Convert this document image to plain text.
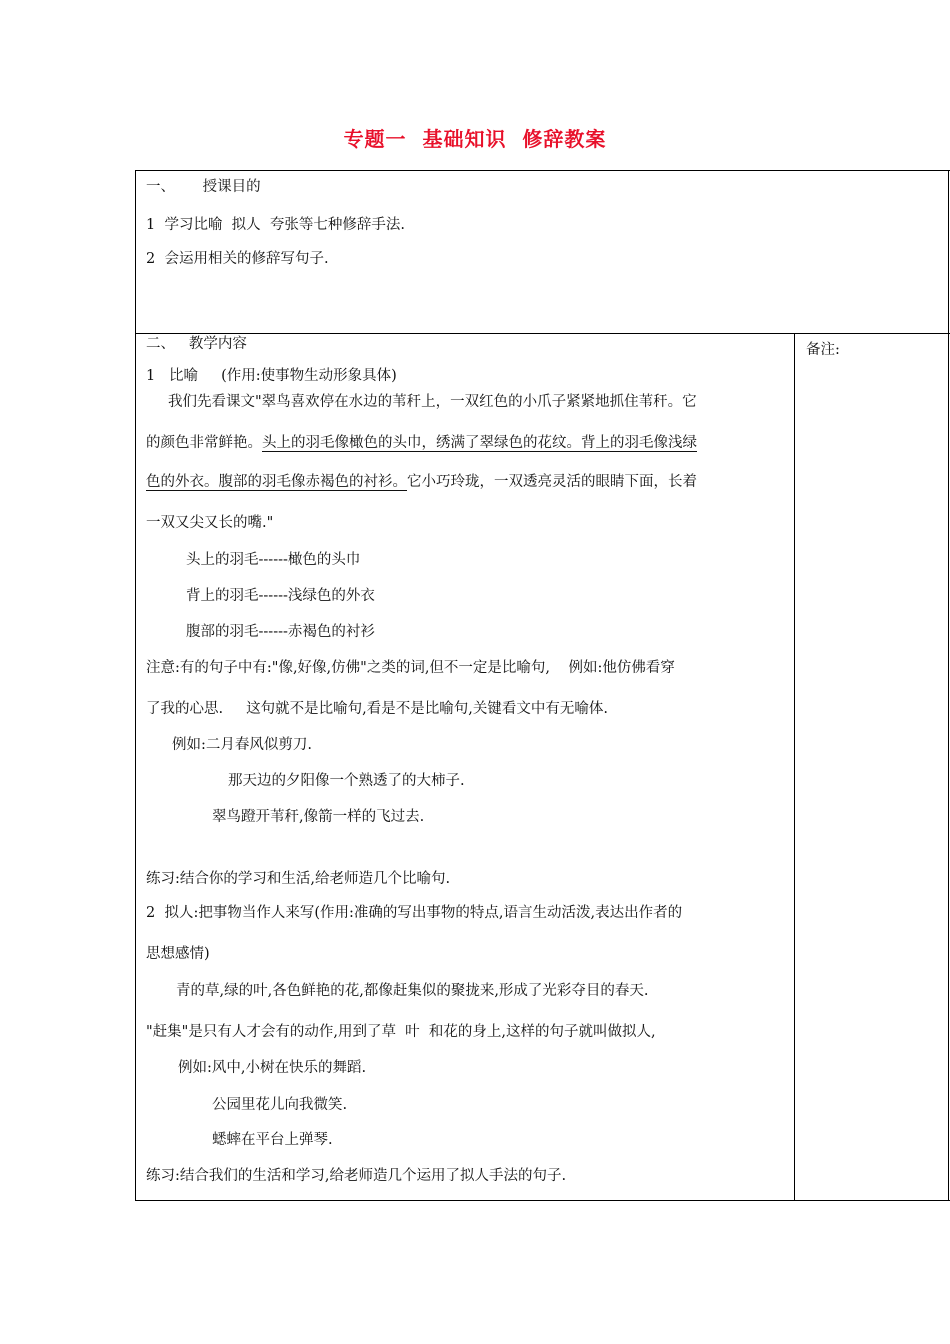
专题一  基础知识  修辞教案
一、      授课目的
1  学习比喻  拟人  夸张等七种修辞手法.
2  会运用相关的修辞写句子.
二、   教学内容	备注:
1   比喻     (作用:使事物生动形象具体)
我们先看课文"翠鸟喜欢停在水边的苇秆上，一双红色的小爪子紧紧地抓住苇秆。它
的颜色非常鲜艳。头上的羽毛像橄色的头巾，绣满了翠绿色的花纹。背上的羽毛像浅绿
色的外衣。腹部的羽毛像赤褐色的衬衫。它小巧玲珑，一双透亮灵活的眼睛下面，长着
一双又尖又长的嘴."
头上的羽毛------橄色的头巾
背上的羽毛------浅绿色的外衣
腹部的羽毛------赤褐色的衬衫
注意:有的句子中有:"像,好像,仿佛"之类的词,但不一定是比喻句,    例如:他仿佛看穿
了我的心思.     这句就不是比喻句,看是不是比喻句,关键看文中有无喻体.
例如:二月春风似剪刀.
那天边的夕阳像一个熟透了的大柿子.
翠鸟蹬开苇秆,像箭一样的飞过去.
练习:结合你的学习和生活,给老师造几个比喻句.
2  拟人:把事物当作人来写(作用:准确的写出事物的特点,语言生动活泼,表达出作者的
思想感情)
青的草,绿的叶,各色鲜艳的花,都像赶集似的聚拢来,形成了光彩夺目的春天.
"赶集"是只有人才会有的动作,用到了草  叶  和花的身上,这样的句子就叫做拟人,
例如:风中,小树在快乐的舞蹈.
公园里花儿向我微笑.
蟋蟀在平台上弹琴.
练习:结合我们的生活和学习,给老师造几个运用了拟人手法的句子.
